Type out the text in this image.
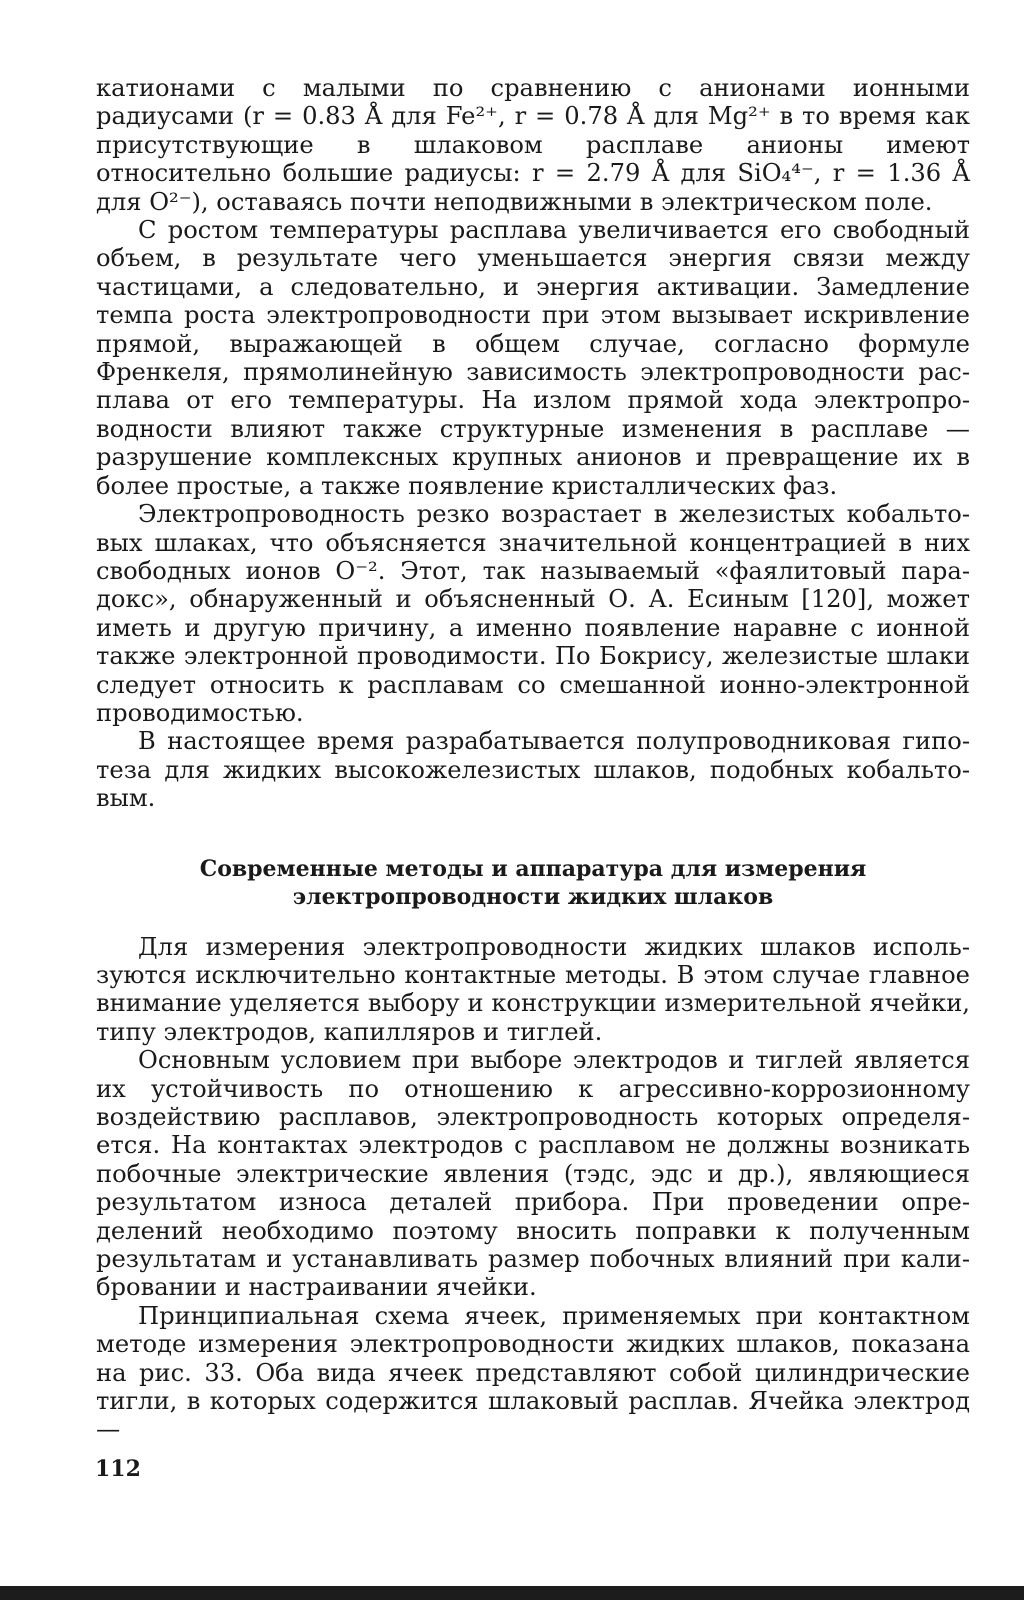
катионами с малыми по сравнению с анионами ионными радиусами (r = 0.83 Å для Fe²⁺, r = 0.78 Å для Mg²⁺ в то время как присутствующие в шлаковом расплаве анионы имеют относительно большие радиусы: r = 2.79 Å для SiO₄⁴⁻, r = 1.36 Å для O²⁻), оставаясь почти неподвижными в электрическом поле.

С ростом температуры расплава увеличивается его свободный объем, в результате чего уменьшается энергия связи между частицами, а следовательно, и энергия активации. Замедление темпа роста электропроводности при этом вызывает искривление прямой, выражающей в общем случае, согласно формуле Френкеля, прямолинейную зависимость электропроводности расплава от его температуры. На излом прямой хода электропроводности влияют также структурные изменения в расплаве — разрушение комплексных крупных анионов и превращение их в более простые, а также появление кристаллических фаз.

Электропроводность резко возрастает в железистых кобальтовых шлаках, что объясняется значительной концентрацией в них свободных ионов O⁻². Этот, так называемый «фаялитовый парадокс», обнаруженный и объясненный О. А. Есиным [120], может иметь и другую причину, а именно появление наравне с ионной также электронной проводимости. По Бокрису, железистые шлаки следует относить к расплавам со смешанной ионно-электронной проводимостью.

В настоящее время разрабатывается полупроводниковая гипотеза для жидких высокожелезистых шлаков, подобных кобальтовым.

Современные методы и аппаратура для измерения
электропроводности жидких шлаков

Для измерения электропроводности жидких шлаков используются исключительно контактные методы. В этом случае главное внимание уделяется выбору и конструкции измерительной ячейки, типу электродов, капилляров и тиглей.

Основным условием при выборе электродов и тиглей является их устойчивость по отношению к агрессивно-коррозионному воздействию расплавов, электропроводность которых определяется. На контактах электродов с расплавом не должны возникать побочные электрические явления (тэдс, эдс и др.), являющиеся результатом износа деталей прибора. При проведении определений необходимо поэтому вносить поправки к полученным результатам и устанавливать размер побочных влияний при калибровании и настраивании ячейки.

Принципиальная схема ячеек, применяемых при контактном методе измерения электропроводности жидких шлаков, показана на рис. 33. Оба вида ячеек представляют собой цилиндрические тигли, в которых содержится шлаковый расплав. Ячейка электрод—

112
